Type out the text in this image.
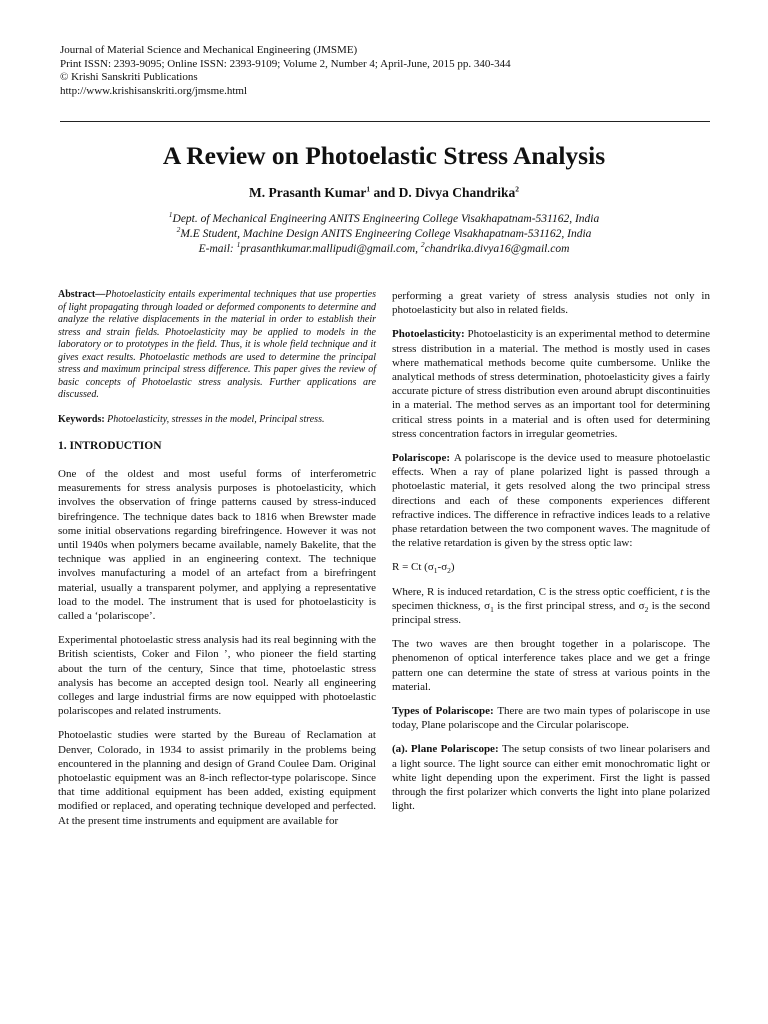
Journal of Material Science and Mechanical Engineering (JMSME)
Print ISSN: 2393-9095; Online ISSN: 2393-9109; Volume 2, Number 4; April-June, 2015 pp. 340-344
© Krishi Sanskriti Publications
http://www.krishisanskriti.org/jmsme.html
A Review on Photoelastic Stress Analysis

M. Prasanth Kumar$^1$ and D. Divya Chandrika$^2$

$^1$Dept. of Mechanical Engineering ANITS Engineering College Visakhapatnam-531162, India
$^2$M.E Student, Machine Design ANITS Engineering College Visakhapatnam-531162, India
E-mail: $^1$prasanthkumar.mallipudi@gmail.com, $^2$chandrika.divya16@gmail.com

Abstract—Photoelasticity entails experimental techniques that use properties of light propagating through loaded or deformed components to determine and analyze the relative displacements in the material in order to establish their stress and strain fields. Photoelasticity may be applied to models in the laboratory or to prototypes in the field. Thus, it is whole field technique and it gives exact results. Photoelastic methods are used to determine the principal stress and maximum principal stress difference. This paper gives the review of basic concepts of Photoelastic stress analysis. Further applications are discussed.

Keywords: Photoelasticity, stresses in the model, Principal stress.

1. INTRODUCTION

One of the oldest and most useful forms of interferometric measurements for stress analysis purposes is photoelasticity, which involves the observation of fringe patterns caused by stress-induced birefringence. The technique dates back to 1816 when Brewster made some initial observations regarding birefringence. However it was not until 1940s when polymers became available, namely Bakelite, that the technique was applied in an engineering context. The technique involves manufacturing a model of an artefact from a birefringent material, usually a transparent polymer, and applying a representative load to the model. The instrument that is used for photoelasticity is called a ‘polariscope’.

Experimental photoelastic stress analysis had its real beginning with the British scientists, Coker and Filon ’, who pioneer the field starting about the turn of the century, Since that time, photoelastic stress analysis has become an accepted design tool. Nearly all engineering colleges and large industrial firms are now equipped with photoelastic polariscopes and related instruments.

Photoelastic studies were started by the Bureau of Reclamation at Denver, Colorado, in 1934 to assist primarily in the problems being encountered in the planning and design of Grand Coulee Dam. Original photoelastic equipment was an 8-inch reflector-type polariscope. Since that time additional equipment has been added, existing equipment modified or replaced, and operating technique developed and perfected. At the present time instruments and equipment are available for

performing a great variety of stress analysis studies not only in photoelasticity but also in related fields.

Photoelasticity: Photoelasticity is an experimental method to determine stress distribution in a material. The method is mostly used in cases where mathematical methods become quite cumbersome. Unlike the analytical methods of stress determination, photoelasticity gives a fairly accurate picture of stress distribution even around abrupt discontinuities in a material. The method serves as an important tool for determining critical stress points in a material and is often used for determining stress concentration factors in irregular geometries.

Polariscope: A polariscope is the device used to measure photoelastic effects. When a ray of plane polarized light is passed through a photoelastic material, it gets resolved along the two principal stress directions and each of these components experiences different refractive indices. The difference in refractive indices leads to a relative phase retardation between the two component waves. The magnitude of the relative retardation is given by the stress optic law:

R = Ct $(\sigma_1-\sigma_2)$

Where, R is induced retardation, C is the stress optic coefficient, t is the specimen thickness, $\sigma_1$ is the first principal stress, and $\sigma_2$ is the second principal stress.

The two waves are then brought together in a polariscope. The phenomenon of optical interference takes place and we get a fringe pattern one can determine the state of stress at various points in the material.

Types of Polariscope: There are two main types of polariscope in use today, Plane polariscope and the Circular polariscope.

(a). Plane Polariscope: The setup consists of two linear polarisers and a light source. The light source can either emit monochromatic light or white light depending upon the experiment. First the light is passed through the first polarizer which converts the light into plane polarized light.
